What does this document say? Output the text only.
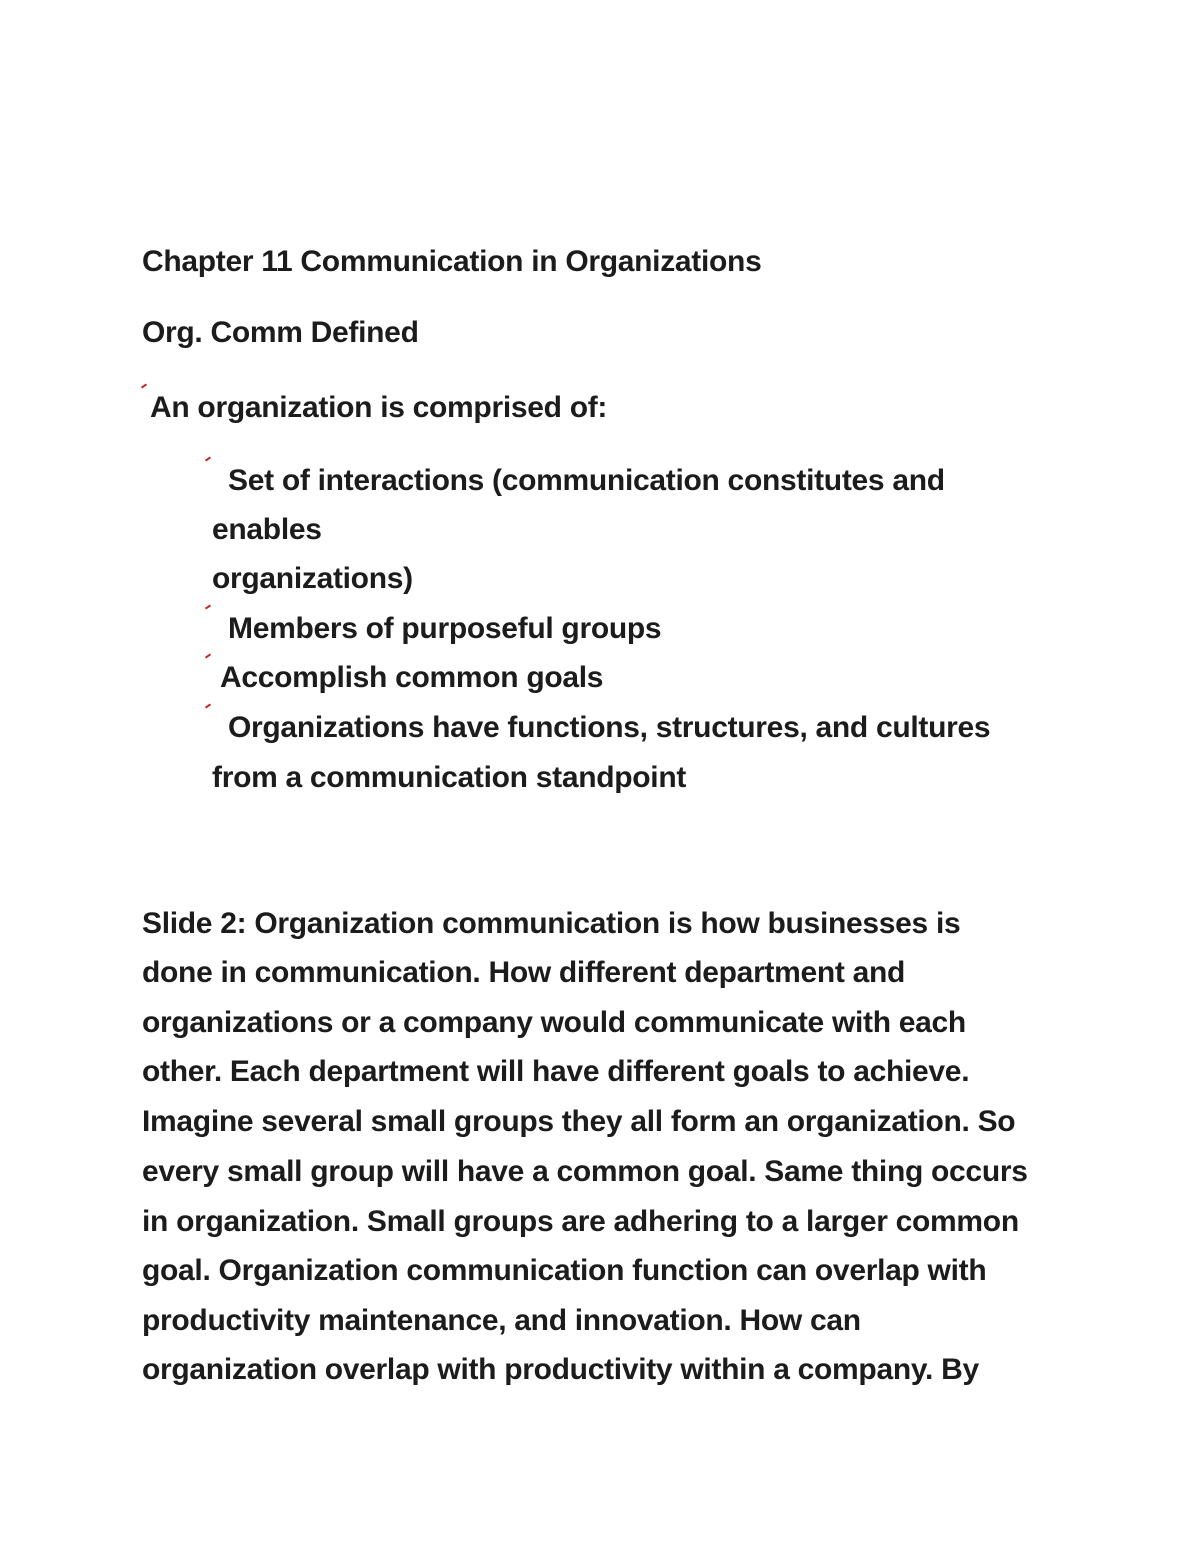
Chapter 11 Communication in Organizations
Org. Comm Defined
An organization is comprised of:
Set of interactions (communication constitutes and
enables
organizations)
Members of purposeful groups
Accomplish common goals
Organizations have functions, structures, and cultures
from a communication standpoint
Slide 2: Organization communication is how businesses is
done in communication. How different department and
organizations or a company would communicate with each
other. Each department will have different goals to achieve.
Imagine several small groups they all form an organization. So
every small group will have a common goal. Same thing occurs
in organization. Small groups are adhering to a larger common
goal. Organization communication function can overlap with
productivity maintenance, and innovation. How can
organization overlap with productivity within a company. By
